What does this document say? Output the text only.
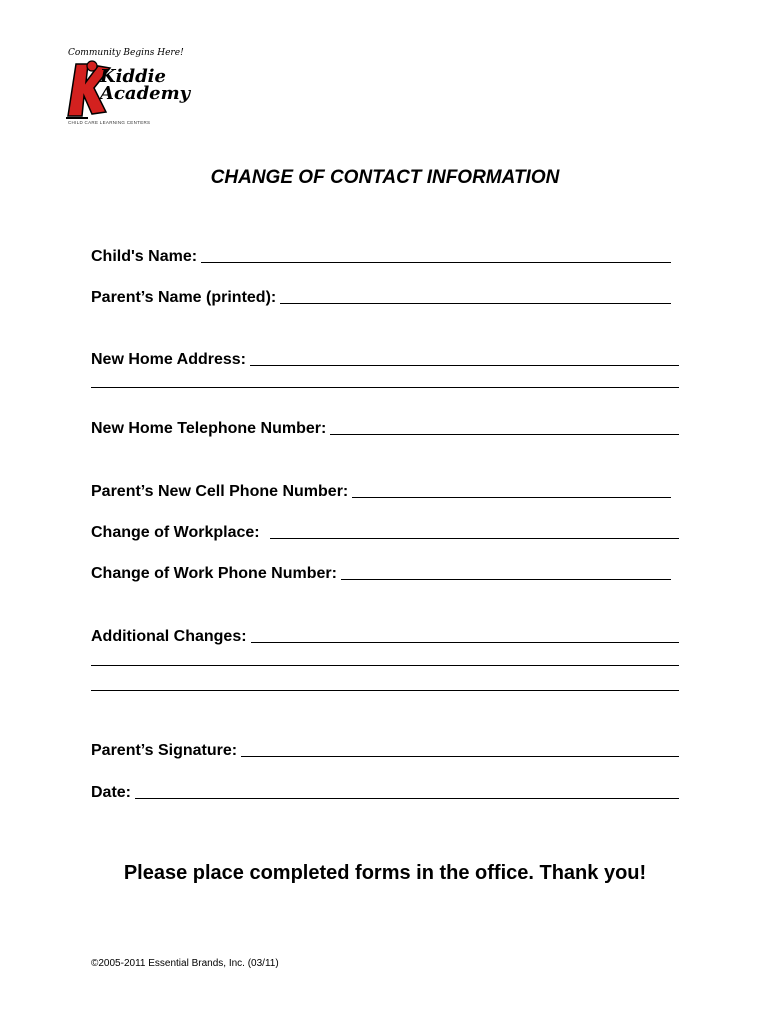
Community Begins Here!
Kiddie
Academy
CHILD CARE LEARNING CENTERS
CHANGE OF CONTACT INFORMATION
Child's Name:
Parent’s Name (printed):
New Home Address:
New Home Telephone Number:
Parent’s New Cell Phone Number:
Change of Workplace:
Change of Work Phone Number:
Additional Changes:
Parent’s Signature:
Date:
Please place completed forms in the office. Thank you!
©2005-2011 Essential Brands, Inc. (03/11)
